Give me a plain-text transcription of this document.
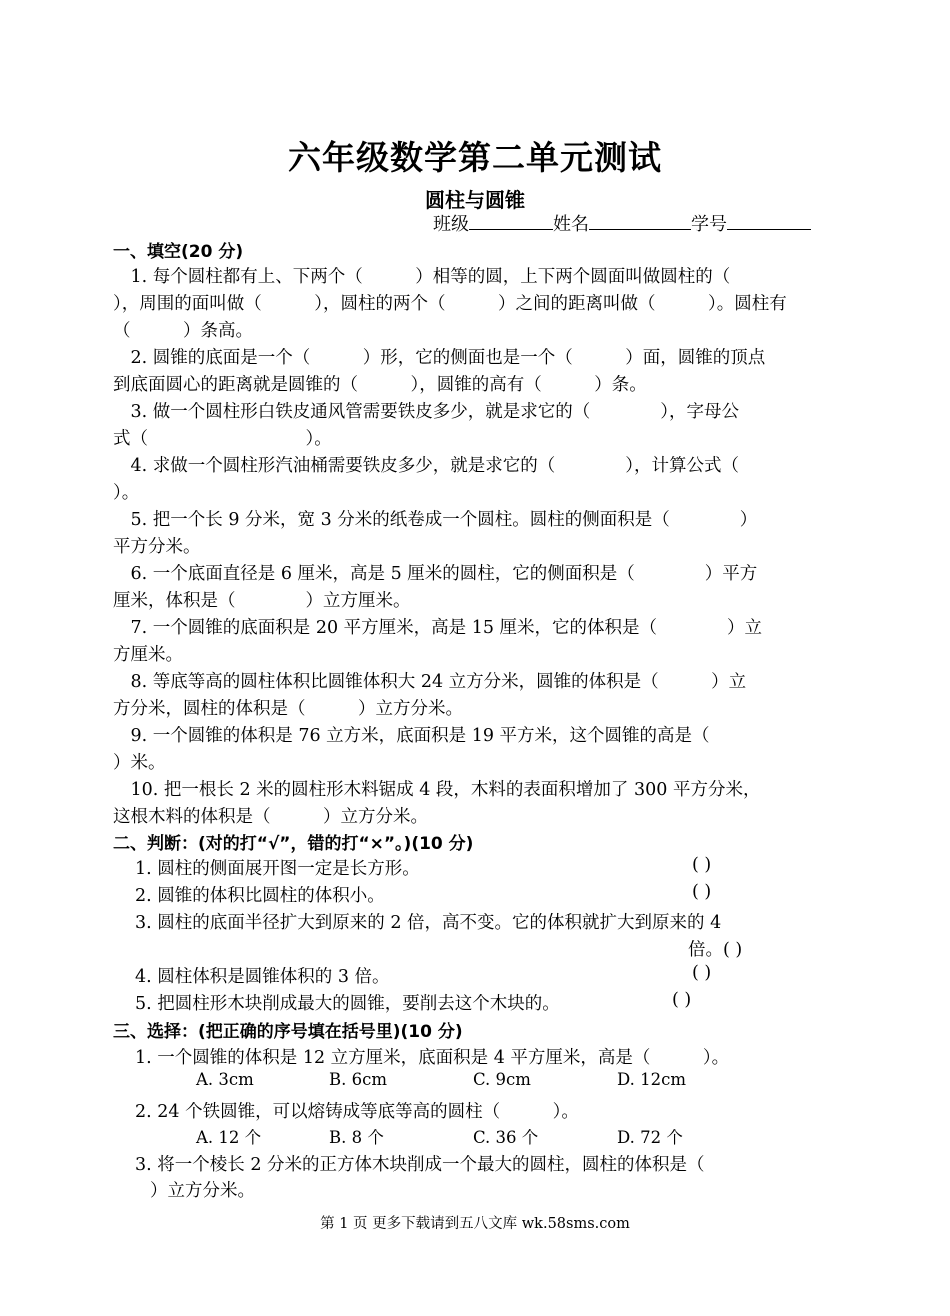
六年级数学第二单元测试
圆柱与圆锥
班级	姓名	学号
一、填空(20 分)
　1. 每个圆柱都有上、下两个（　　　）相等的圆，上下两个圆面叫做圆柱的（
），周围的面叫做（　　　），圆柱的两个（　　　）之间的距离叫做（　　　）。圆柱有
（　　　）条高。
　2. 圆锥的底面是一个（　　　）形，它的侧面也是一个（　　　）面，圆锥的顶点
到底面圆心的距离就是圆锥的（　　　），圆锥的高有（　　　）条。
　3. 做一个圆柱形白铁皮通风管需要铁皮多少，就是求它的（　　　　），字母公
式（　　　　　　　　　）。
　4. 求做一个圆柱形汽油桶需要铁皮多少，就是求它的（　　　　），计算公式（
）。
　5. 把一个长 9 分米，宽 3 分米的纸卷成一个圆柱。圆柱的侧面积是（　　　　）
平方分米。
　6. 一个底面直径是 6 厘米，高是 5 厘米的圆柱，它的侧面积是（　　　　）平方
厘米，体积是（　　　　）立方厘米。
　7. 一个圆锥的底面积是 20 平方厘米，高是 15 厘米，它的体积是（　　　　）立
方厘米。
　8. 等底等高的圆柱体积比圆锥体积大 24 立方分米，圆锥的体积是（　　　）立
方分米，圆柱的体积是（　　　）立方分米。
　9. 一个圆锥的体积是 76 立方米，底面积是 19 平方米，这个圆锥的高是（
）米。
　10. 把一根长 2 米的圆柱形木料锯成 4 段，木料的表面积增加了 300 平方分米，
这根木料的体积是（　　　）立方分米。
二、判断：(对的打“√”，错的打“×”。)(10 分)
1. 圆柱的侧面展开图一定是长方形。	( )
2. 圆锥的体积比圆柱的体积小。	( )
3. 圆柱的底面半径扩大到原来的 2 倍，高不变。它的体积就扩大到原来的 4
倍。( )
4. 圆柱体积是圆锥体积的 3 倍。	( )
5. 把圆柱形木块削成最大的圆锥，要削去这个木块的。	( )
三、选择：(把正确的序号填在括号里)(10 分)
1. 一个圆锥的体积是 12 立方厘米，底面积是 4 平方厘米，高是（　　　）。
A. 3cm	B. 6cm	C. 9cm	D. 12cm
2. 24 个铁圆锥，可以熔铸成等底等高的圆柱（　　　）。
A. 12 个	B. 8 个	C. 36 个	D. 72 个
3. 将一个棱长 2 分米的正方体木块削成一个最大的圆柱，圆柱的体积是（
）立方分米。
第 1 页 更多下载请到五八文库 wk.58sms.com
